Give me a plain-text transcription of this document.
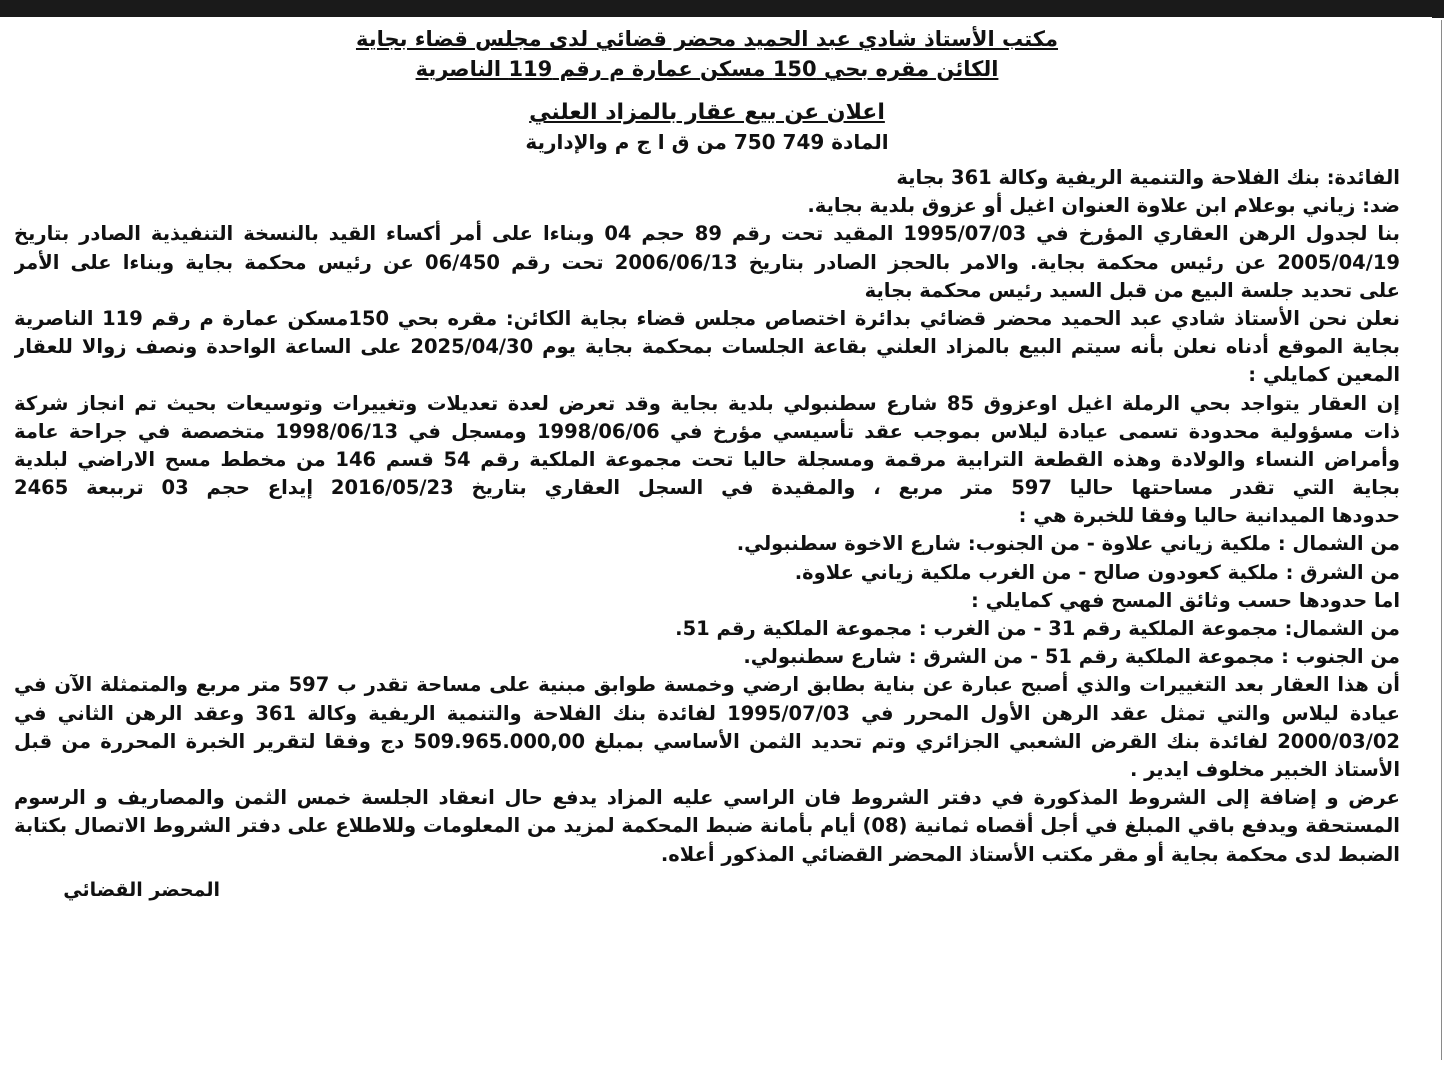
مكتب الأستاذ شادي عبد الحميد محضر قضائي لدى مجلس قضاء بجاية

الكائن مقره بحي 150 مسكن عمارة م رقم 119 الناصرية

اعلان عن بيع عقار بالمزاد العلني

المادة 749 750 من ق ا ج م والإدارية

الفائدة: بنك الفلاحة والتنمية الريفية وكالة 361 بجاية
ضد: زياني بوعلام ابن علاوة العنوان اغيل أو عزوق بلدية بجاية.
بنا لجدول الرهن العقاري المؤرخ في 1995/07/03 المقيد تحت رقم 89 حجم 04 وبناءا على أمر أكساء القيد بالنسخة التنفيذية الصادر بتاريخ
2005/04/19 عن رئيس محكمة بجاية. والامر بالحجز الصادر بتاريخ 2006/06/13 تحت رقم 06/450 عن رئيس محكمة بجاية وبناءا على الأمر
على تحديد جلسة البيع من قبل السيد رئيس محكمة بجاية
نعلن نحن الأستاذ شادي عبد الحميد محضر قضائي بدائرة اختصاص مجلس قضاء بجاية الكائن: مقره بحي 150مسكن عمارة م رقم 119 الناصرية
بجاية الموقع أدناه نعلن بأنه سيتم البيع بالمزاد العلني بقاعة الجلسات بمحكمة بجاية يوم 2025/04/30 على الساعة الواحدة ونصف زوالا للعقار
المعين كمايلي :
إن العقار يتواجد بحي الرملة اغيل اوعزوق 85 شارع سطنبولي بلدية بجاية وقد تعرض لعدة تعديلات وتغييرات وتوسيعات بحيث تم انجاز شركة
ذات مسؤولية محدودة تسمى عيادة ليلاس بموجب عقد تأسيسي مؤرخ في 1998/06/06 ومسجل في 1998/06/13 متخصصة في جراحة عامة
وأمراض النساء والولادة وهذه القطعة الترابية مرقمة ومسجلة حاليا تحت مجموعة الملكية رقم 54 قسم 146 من مخطط مسح الاراضي لبلدية
بجاية التي تقدر مساحتها حاليا 597 متر مربع ، والمقيدة في السجل العقاري بتاريخ 2016/05/23 إيداع حجم 03 ترببعة 2465
حدودها الميدانية حاليا وفقا للخبرة هي :
من الشمال : ملكية زياني علاوة - من الجنوب: شارع الاخوة سطنبولي.
من الشرق : ملكية كعودون صالح - من الغرب ملكية زياني علاوة.
اما حدودها حسب وثائق المسح فهي كمايلي :
من الشمال: مجموعة الملكية رقم 31 - من الغرب : مجموعة الملكية رقم 51.
من الجنوب : مجموعة الملكية رقم 51 - من الشرق : شارع سطنبولي.
أن هذا العقار بعد التغييرات والذي أصبح عبارة عن بناية بطابق ارضي وخمسة طوابق مبنية على مساحة تقدر ب 597 متر مربع والمتمثلة الآن في
عيادة ليلاس والتي تمثل عقد الرهن الأول المحرر في 1995/07/03 لفائدة بنك الفلاحة والتنمية الريفية وكالة 361 وعقد الرهن الثاني في
2000/03/02 لفائدة بنك القرض الشعبي الجزائري وتم تحديد الثمن الأساسي بمبلغ 509.965.000,00 دج وفقا لتقرير الخبرة المحررة من قبل
الأستاذ الخبير مخلوف ايدير .
عرض و إضافة إلى الشروط المذكورة في دفتر الشروط فان الراسي عليه المزاد يدفع حال انعقاد الجلسة خمس الثمن والمصاريف و الرسوم
المستحقة ويدفع باقي المبلغ في أجل أقصاه ثمانية (08) أيام بأمانة ضبط المحكمة لمزيد من المعلومات وللاطلاع على دفتر الشروط الاتصال بكتابة
الضبط لدى محكمة بجاية أو مقر مكتب الأستاذ المحضر القضائي المذكور أعلاه.
المحضر القضائي
